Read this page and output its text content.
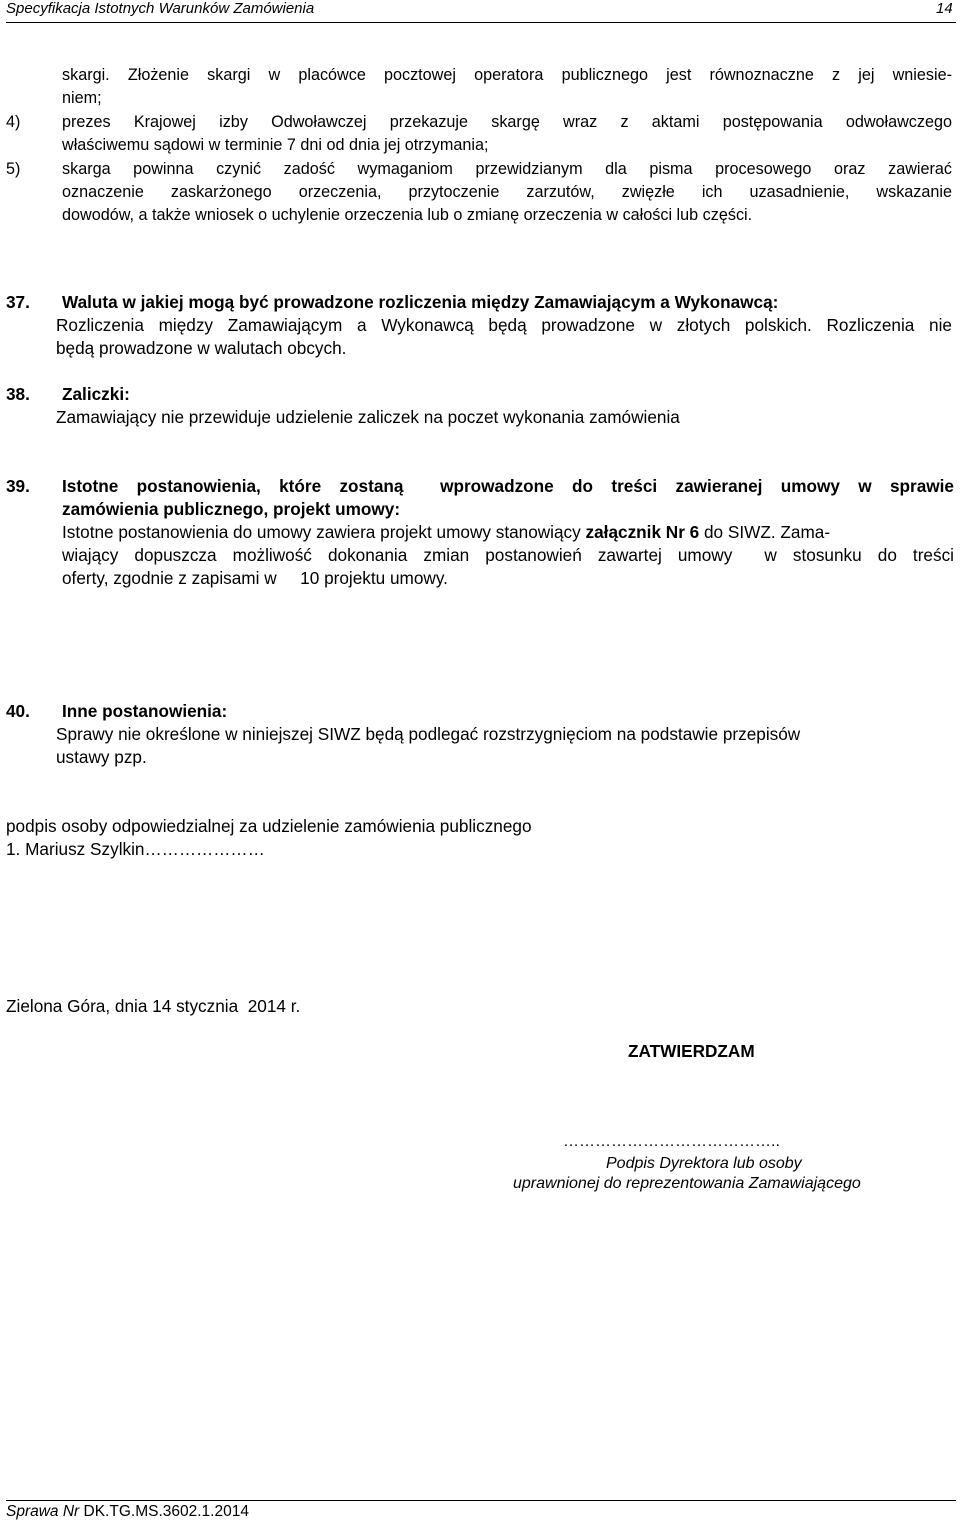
Specyfikacja Istotnych Warunków Zamówienia	14
skargi. Złożenie skargi w placówce pocztowej operatora publicznego jest równoznaczne z jej wniesie-
niem;
4)	prezes Krajowej izby Odwoławczej przekazuje skargę wraz z aktami postępowania odwoławczego
właściwemu sądowi w terminie 7 dni od dnia jej otrzymania;
5)	skarga powinna czynić zadość wymaganiom przewidzianym dla pisma procesowego oraz zawierać
oznaczenie zaskarżonego orzeczenia, przytoczenie zarzutów, zwięzłe ich uzasadnienie, wskazanie
dowodów, a także wniosek o uchylenie orzeczenia lub o zmianę orzeczenia w całości lub części.
37. Waluta w jakiej mogą być prowadzone rozliczenia między Zamawiającym a Wykonawcą:
Rozliczenia między Zamawiającym a Wykonawcą będą prowadzone w złotych polskich. Rozliczenia nie
będą prowadzone w walutach obcych.
38. Zaliczki:
Zamawiający nie przewiduje udzielenie zaliczek na poczet wykonania zamówienia
39. Istotne postanowienia, które zostaną  wprowadzone do treści zawieranej umowy w sprawie
zamówienia publicznego, projekt umowy:
Istotne postanowienia do umowy zawiera projekt umowy stanowiący załącznik Nr 6 do SIWZ. Zama-
wiający dopuszcza możliwość dokonania zmian postanowień zawartej umowy  w stosunku do treści
oferty, zgodnie z zapisami w  10 projektu umowy.
40. Inne postanowienia:
Sprawy nie określone w niniejszej SIWZ będą podlegać rozstrzygnięciom na podstawie przepisów
ustawy pzp.
podpis osoby odpowiedzialnej za udzielenie zamówienia publicznego
1. Mariusz Szylkin…………………
Zielona Góra, dnia 14 stycznia  2014 r.
ZATWIERDZAM
…………………………………..
Podpis Dyrektora lub osoby
uprawnionej do reprezentowania Zamawiającego
Sprawa Nr DK.TG.MS.3602.1.2014
